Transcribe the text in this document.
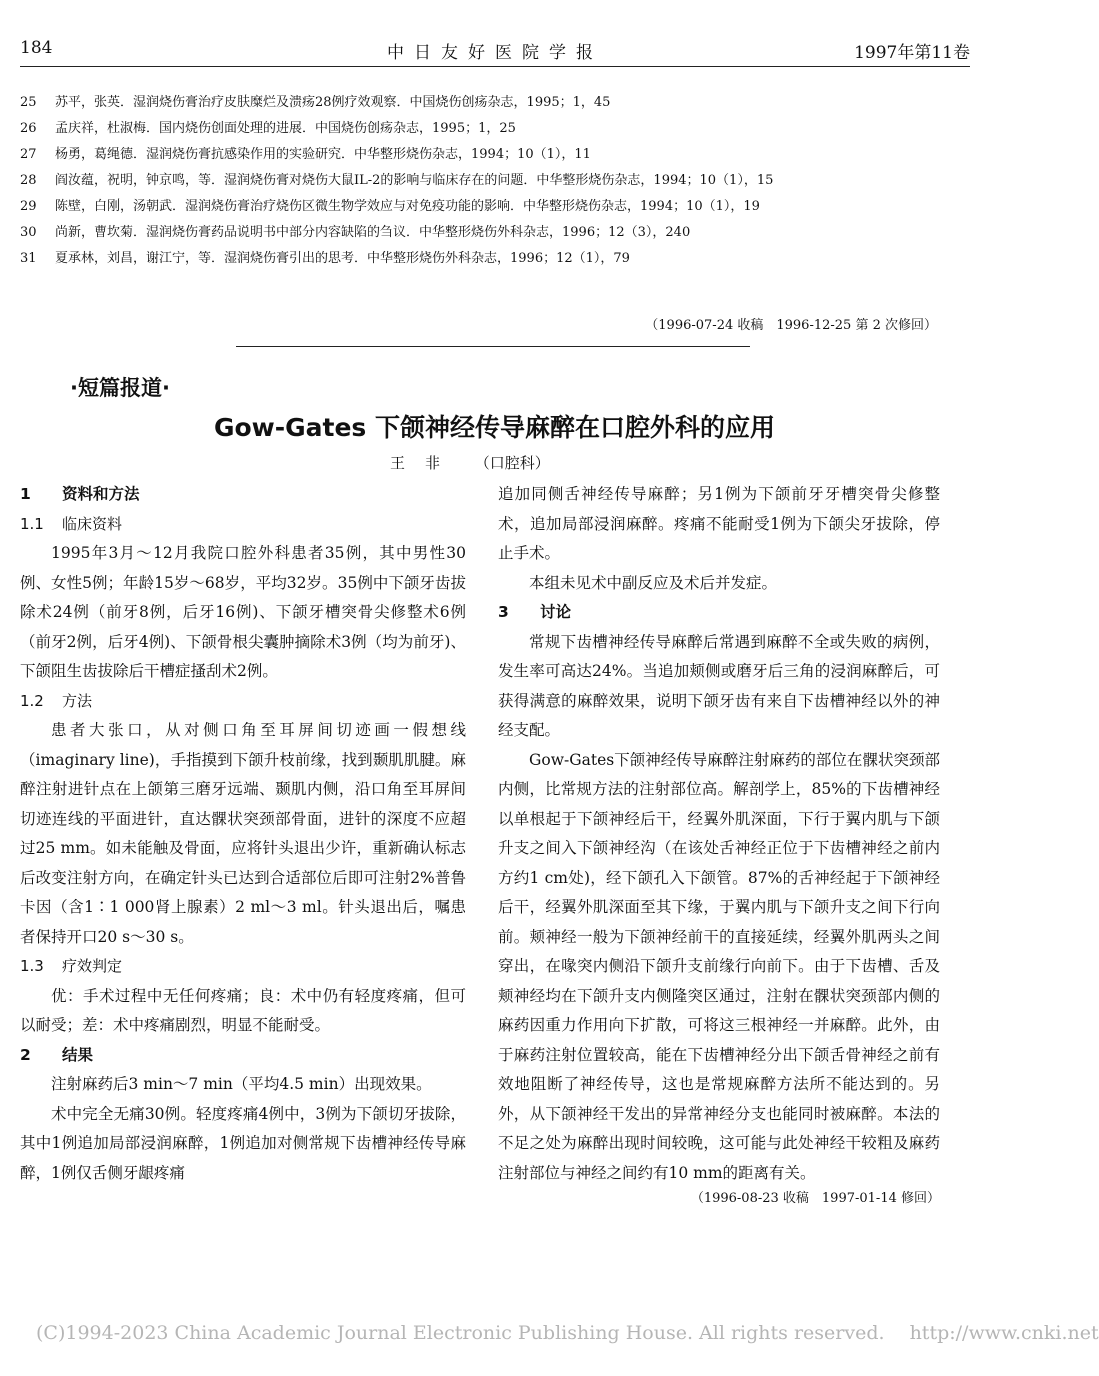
184	中日友好医院学报	1997年第11卷
25	苏平，张英．湿润烧伤膏治疗皮肤糜烂及溃疡28例疗效观察．中国烧伤创疡杂志，1995；1，45
26	孟庆祥，杜淑梅．国内烧伤创面处理的进展．中国烧伤创疡杂志，1995；1，25
27	杨勇，葛绳德．湿润烧伤膏抗感染作用的实验研究．中华整形烧伤杂志，1994；10（1），11
28	阎汝蕴，祝明，钟京鸣，等．湿润烧伤膏对烧伤大鼠IL-2的影响与临床存在的问题．中华整形烧伤杂志，1994；10（1），15
29	陈壁，白刚，汤朝武．湿润烧伤膏治疗烧伤区微生物学效应与对免疫功能的影响．中华整形烧伤杂志，1994；10（1），19
30	尚新，曹坎菊．湿润烧伤膏药品说明书中部分内容缺陷的刍议．中华整形烧伤外科杂志，1996；12（3），240
31	夏承林，刘昌，谢江宁，等．湿润烧伤膏引出的思考．中华整形烧伤外科杂志，1996；12（1），79
（1996-07-24 收稿　1996-12-25 第 2 次修回）
·短篇报道·
Gow-Gates 下颌神经传导麻醉在口腔外科的应用
王非 （口腔科）
1 资料和方法
1.1 临床资料

1995年3月～12月我院口腔外科患者35例，其中男性30例、女性5例；年龄15岁～68岁，平均32岁。35例中下颌牙齿拔除术24例（前牙8例，后牙16例)、下颌牙槽突骨尖修整术6例（前牙2例，后牙4例)、下颌骨根尖囊肿摘除术3例（均为前牙)、下颌阻生齿拔除后干槽症搔刮术2例。

1.2 方法

患者大张口，从对侧口角至耳屏间切迹画一假想线（imaginary line)，手指摸到下颌升枝前缘，找到颞肌肌腱。麻醉注射进针点在上颌第三磨牙远端、颞肌内侧，沿口角至耳屏间切迹连线的平面进针，直达髁状突颈部骨面，进针的深度不应超过25 mm。如未能触及骨面，应将针头退出少许，重新确认标志后改变注射方向，在确定针头已达到合适部位后即可注射2%普鲁卡因（含1∶1 000肾上腺素）2 ml～3 ml。针头退出后，嘱患者保持开口20 s～30 s。

1.3 疗效判定

优：手术过程中无任何疼痛；良：术中仍有轻度疼痛，但可以耐受；差：术中疼痛剧烈，明显不能耐受。

2 结果

注射麻药后3 min～7 min（平均4.5 min）出现效果。

术中完全无痛30例。轻度疼痛4例中，3例为下颌切牙拔除，其中1例追加局部浸润麻醉，1例追加对侧常规下齿槽神经传导麻醉，1例仅舌侧牙龈疼痛

追加同侧舌神经传导麻醉；另1例为下颌前牙牙槽突骨尖修整术，追加局部浸润麻醉。疼痛不能耐受1例为下颌尖牙拔除，停止手术。

本组未见术中副反应及术后并发症。

3 讨论

常规下齿槽神经传导麻醉后常遇到麻醉不全或失败的病例，发生率可高达24%。当追加颊侧或磨牙后三角的浸润麻醉后，可获得满意的麻醉效果，说明下颌牙齿有来自下齿槽神经以外的神经支配。

Gow-Gates下颌神经传导麻醉注射麻药的部位在髁状突颈部内侧，比常规方法的注射部位高。解剖学上，85%的下齿槽神经以单根起于下颌神经后干，经翼外肌深面，下行于翼内肌与下颌升支之间入下颌神经沟（在该处舌神经正位于下齿槽神经之前内方约1 cm处)，经下颌孔入下颌管。87%的舌神经起于下颌神经后干，经翼外肌深面至其下缘，于翼内肌与下颌升支之间下行向前。颊神经一般为下颌神经前干的直接延续，经翼外肌两头之间穿出，在喙突内侧沿下颌升支前缘行向前下。由于下齿槽、舌及颊神经均在下颌升支内侧隆突区通过，注射在髁状突颈部内侧的麻药因重力作用向下扩散，可将这三根神经一并麻醉。此外，由于麻药注射位置较高，能在下齿槽神经分出下颌舌骨神经之前有效地阻断了神经传导，这也是常规麻醉方法所不能达到的。另外，从下颌神经干发出的异常神经分支也能同时被麻醉。本法的不足之处为麻醉出现时间较晚，这可能与此处神经干较粗及麻药注射部位与神经之间约有10 mm的距离有关。

（1996-08-23 收稿　1997-01-14 修回）
(C)1994-2023 China Academic Journal Electronic Publishing House. All rights reserved.　 http://www.cnki.net
